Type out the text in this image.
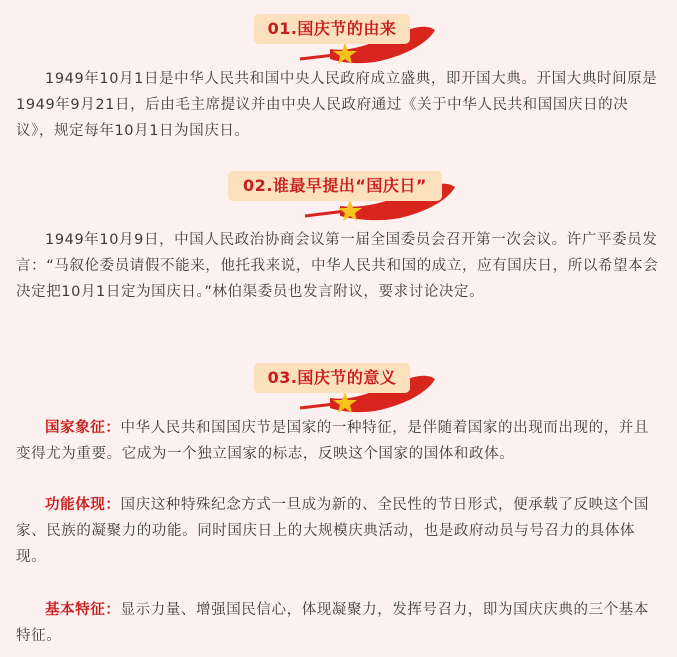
01.国庆节的由来

1949年10月1日是中华人民共和国中央人民政府成立盛典，即开国大典。开国大典时间原是1949年9月21日，后由毛主席提议并由中央人民政府通过《关于中华人民共和国国庆日的决议》，规定每年10月1日为国庆日。

02.谁最早提出“国庆日”

1949年10月9日，中国人民政治协商会议第一届全国委员会召开第一次会议。许广平委员发言：“马叙伦委员请假不能来，他托我来说，中华人民共和国的成立，应有国庆日，所以希望本会决定把10月1日定为国庆日。”林伯渠委员也发言附议，要求讨论决定。

03.国庆节的意义

国家象征：中华人民共和国国庆节是国家的一种特征，是伴随着国家的出现而出现的，并且变得尤为重要。它成为一个独立国家的标志，反映这个国家的国体和政体。

功能体现：国庆这种特殊纪念方式一旦成为新的、全民性的节日形式，便承载了反映这个国家、民族的凝聚力的功能。同时国庆日上的大规模庆典活动，也是政府动员与号召力的具体体现。

基本特征：显示力量、增强国民信心，体现凝聚力，发挥号召力，即为国庆庆典的三个基本特征。
